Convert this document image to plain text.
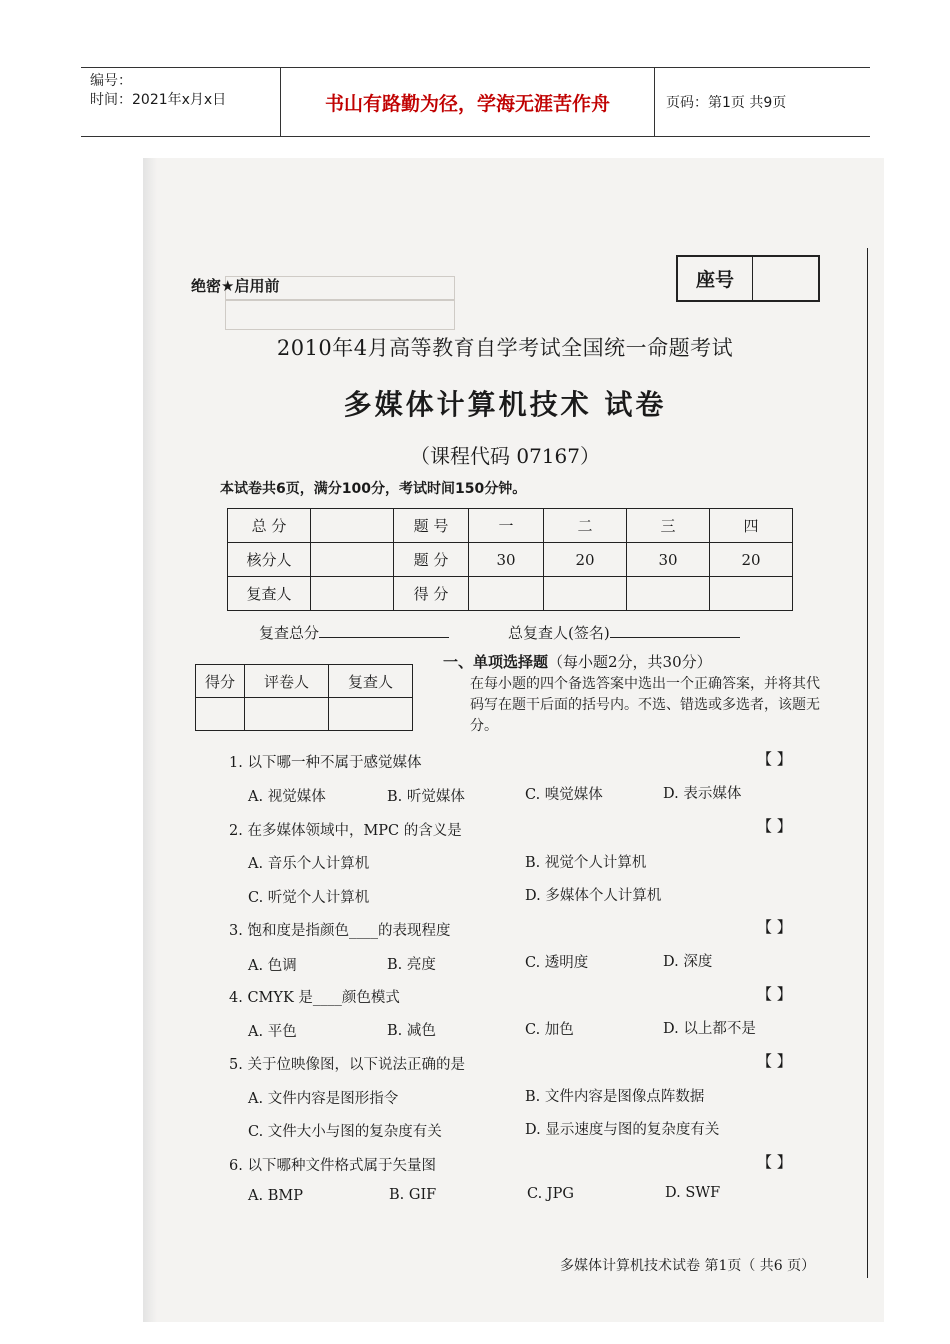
编号：
时间：2021年x月x日	书山有路勤为径，学海无涯苦作舟	页码：第1页 共9页
绝密★启用前	座号
2010年4月高等教育自学考试全国统一命题考试
多媒体计算机技术 试卷
（课程代码 07167）
本试卷共6页，满分100分，考试时间150分钟。
总 分		题 号	一	二	三	四
核分人		题 分	30	20	30	20
复查人		得 分				
复查总分	总复查人(签名)
得分	评卷人	复查人

一、单项选择题（每小题2分，共30分）
在每小题的四个备选答案中选出一个正确答案，并将其代码写在题干后面的括号内。不选、错选或多选者，该题无分。
1. 以下哪一种不属于感觉媒体	【 】
A. 视觉媒体	B. 听觉媒体	C. 嗅觉媒体	D. 表示媒体
2. 在多媒体领域中，MPC 的含义是	【 】
A. 音乐个人计算机	B. 视觉个人计算机
C. 听觉个人计算机	D. 多媒体个人计算机
3. 饱和度是指颜色____的表现程度	【 】
A. 色调	B. 亮度	C. 透明度	D. 深度
4. CMYK 是____颜色模式	【 】
A. 平色	B. 减色	C. 加色	D. 以上都不是
5. 关于位映像图，以下说法正确的是	【 】
A. 文件内容是图形指令	B. 文件内容是图像点阵数据
C. 文件大小与图的复杂度有关	D. 显示速度与图的复杂度有关
6. 以下哪种文件格式属于矢量图	【 】
A. BMP	B. GIF	C. JPG	D. SWF
多媒体计算机技术试卷 第1页（ 共6 页）
